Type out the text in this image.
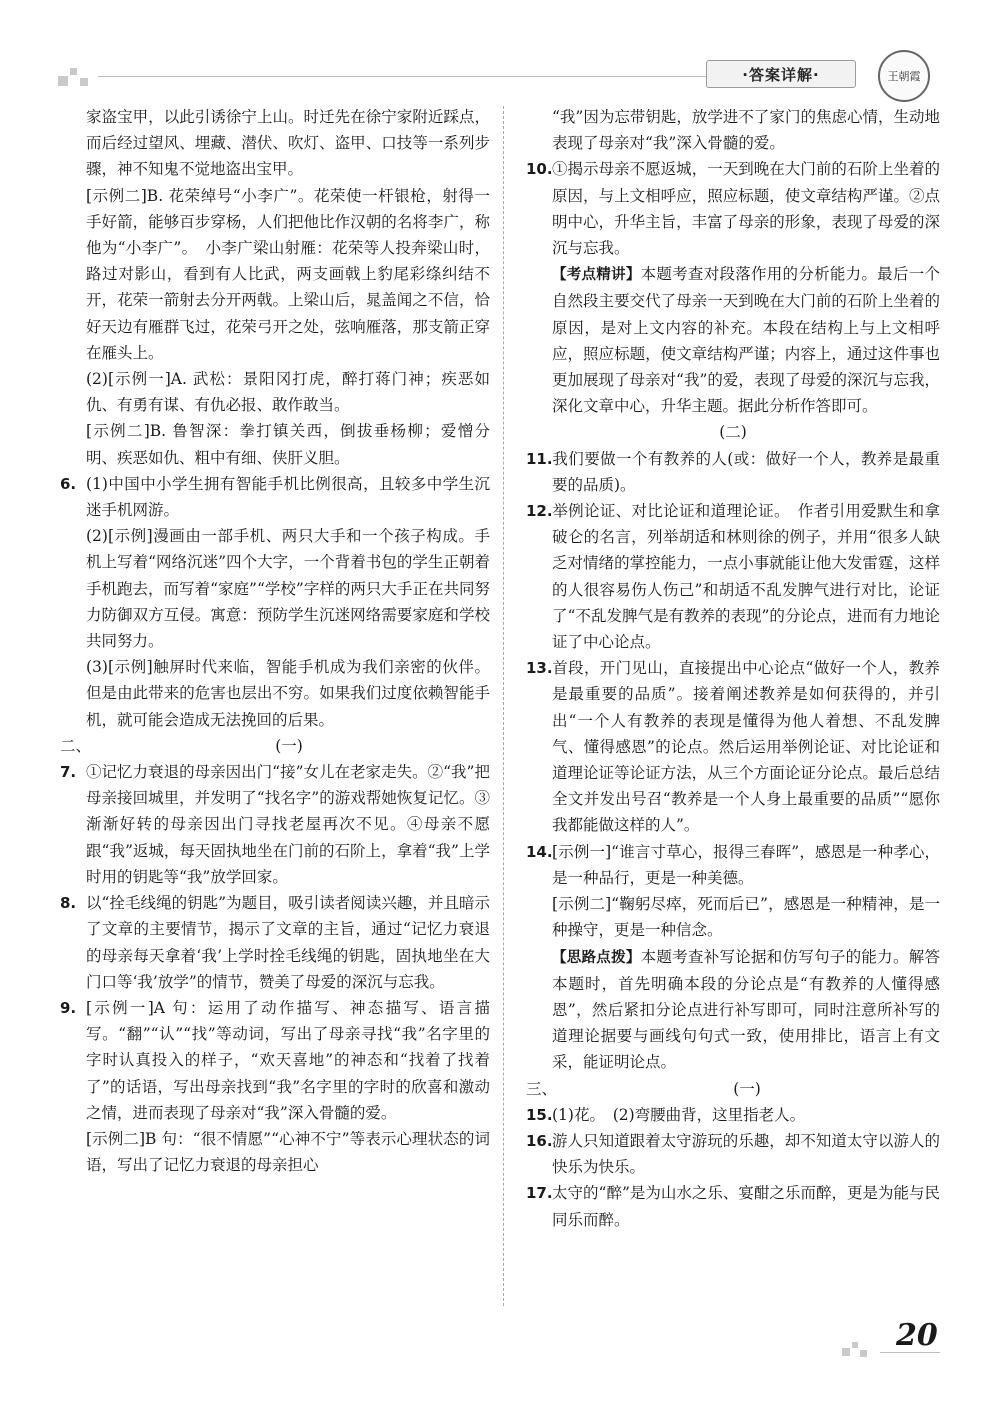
·答案详解·	王朝霞

家盗宝甲，以此引诱徐宁上山。时迁先在徐宁家附近踩点，而后经过望风、埋藏、潜伏、吹灯、盗甲、口技等一系列步骤，神不知鬼不觉地盗出宝甲。

[示例二]B. 花荣绰号“小李广”。花荣使一杆银枪，射得一手好箭，能够百步穿杨，人们把他比作汉朝的名将李广，称他为“小李广”。　小李广梁山射雁：花荣等人投奔梁山时，路过对影山，看到有人比武，两支画戟上豹尾彩绦纠结不开，花荣一箭射去分开两戟。上梁山后，晁盖闻之不信，恰好天边有雁群飞过，花荣弓开之处，弦响雁落，那支箭正穿在雁头上。

(2)[示例一]A. 武松：景阳冈打虎，醉打蒋门神；疾恶如仇、有勇有谋、有仇必报、敢作敢当。

[示例二]B. 鲁智深：拳打镇关西，倒拔垂杨柳；爱憎分明、疾恶如仇、粗中有细、侠肝义胆。

6. (1)中国中小学生拥有智能手机比例很高，且较多中学生沉迷手机网游。

(2)[示例]漫画由一部手机、两只大手和一个孩子构成。手机上写着“网络沉迷”四个大字，一个背着书包的学生正朝着手机跑去，而写着“家庭”“学校”字样的两只大手正在共同努力防御双方互侵。寓意：预防学生沉迷网络需要家庭和学校共同努力。

(3)[示例]触屏时代来临，智能手机成为我们亲密的伙伴。但是由此带来的危害也层出不穷。如果我们过度依赖智能手机，就可能会造成无法挽回的后果。

二、	(一)

7. ①记忆力衰退的母亲因出门“接”女儿在老家走失。②“我”把母亲接回城里，并发明了“找名字”的游戏帮她恢复记忆。③渐渐好转的母亲因出门寻找老屋再次不见。④母亲不愿跟“我”返城，每天固执地坐在门前的石阶上，拿着“我”上学时用的钥匙等“我”放学回家。

8. 以“拴毛线绳的钥匙”为题目，吸引读者阅读兴趣，并且暗示了文章的主要情节，揭示了文章的主旨，通过“记忆力衰退的母亲每天拿着‘我’上学时拴毛线绳的钥匙，固执地坐在大门口等‘我’放学”的情节，赞美了母爱的深沉与忘我。

9. [示例一]A 句：运用了动作描写、神态描写、语言描写。“翻”“认”“找”等动词，写出了母亲寻找“我”名字里的字时认真投入的样子，“欢天喜地”的神态和“找着了找着了”的话语，写出母亲找到“我”名字里的字时的欣喜和激动之情，进而表现了母亲对“我”深入骨髓的爱。

[示例二]B 句：“很不情愿”“心神不宁”等表示心理状态的词语，写出了记忆力衰退的母亲担心

“我”因为忘带钥匙，放学进不了家门的焦虑心情，生动地表现了母亲对“我”深入骨髓的爱。

10.①揭示母亲不愿返城，一天到晚在大门前的石阶上坐着的原因，与上文相呼应，照应标题，使文章结构严谨。②点明中心，升华主旨，丰富了母亲的形象，表现了母爱的深沉与忘我。

【考点精讲】本题考查对段落作用的分析能力。最后一个自然段主要交代了母亲一天到晚在大门前的石阶上坐着的原因，是对上文内容的补充。本段在结构上与上文相呼应，照应标题，使文章结构严谨；内容上，通过这件事也更加展现了母亲对“我”的爱，表现了母爱的深沉与忘我，深化文章中心，升华主题。据此分析作答即可。

(二)

11.我们要做一个有教养的人(或：做好一个人，教养是最重要的品质)。

12.举例论证、对比论证和道理论证。　作者引用爱默生和拿破仑的名言，列举胡适和林则徐的例子，并用“很多人缺乏对情绪的掌控能力，一点小事就能让他大发雷霆，这样的人很容易伤人伤己”和胡适不乱发脾气进行对比，论证了“不乱发脾气是有教养的表现”的分论点，进而有力地论证了中心论点。

13.首段，开门见山，直接提出中心论点“做好一个人，教养是最重要的品质”。接着阐述教养是如何获得的，并引出“一个人有教养的表现是懂得为他人着想、不乱发脾气、懂得感恩”的论点。然后运用举例论证、对比论证和道理论证等论证方法，从三个方面论证分论点。最后总结全文并发出号召“教养是一个人身上最重要的品质”“愿你我都能做这样的人”。

14.[示例一]“谁言寸草心，报得三春晖”，感恩是一种孝心，是一种品行，更是一种美德。

[示例二]“鞠躬尽瘁，死而后已”，感恩是一种精神，是一种操守，更是一种信念。

【思路点拨】本题考查补写论据和仿写句子的能力。解答本题时，首先明确本段的分论点是“有教养的人懂得感恩”，然后紧扣分论点进行补写即可，同时注意所补写的道理论据要与画线句句式一致，使用排比，语言上有文采，能证明论点。

三、	(一)

15.(1)花。　(2)弯腰曲背，这里指老人。

16.游人只知道跟着太守游玩的乐趣，却不知道太守以游人的快乐为快乐。

17.太守的“醉”是为山水之乐、宴酣之乐而醉，更是为能与民同乐而醉。

20
